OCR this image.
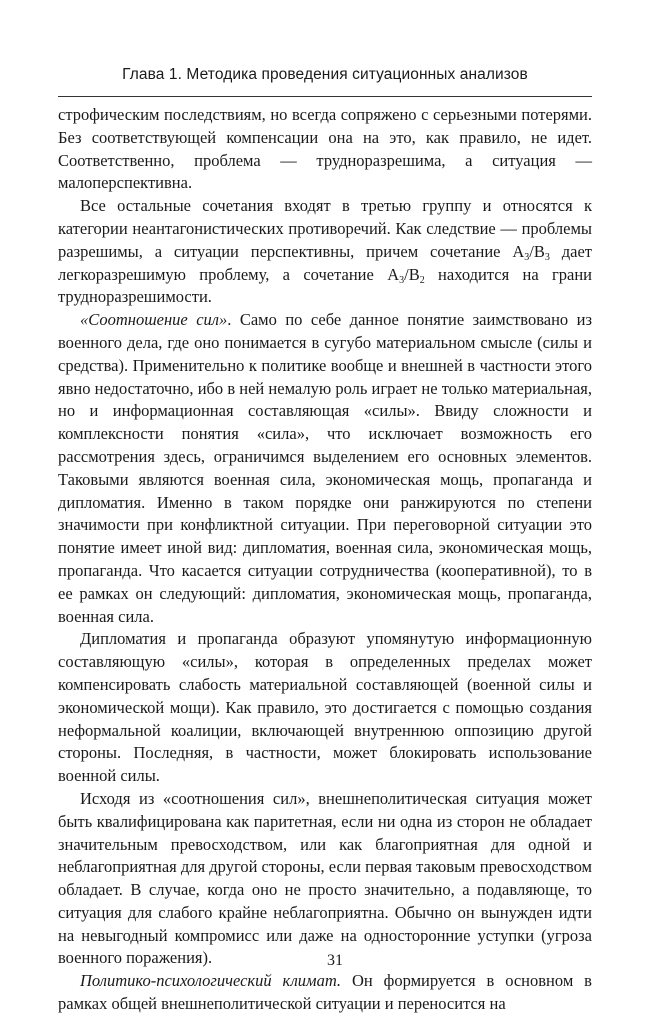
Глава 1. Методика проведения ситуационных анализов

строфическим последствиям, но всегда сопряжено с серьезными потерями. Без соответствующей компенсации она на это, как правило, не идет. Соответственно, проблема — трудноразрешима, а ситуация — малоперспективна.

Все остальные сочетания входят в третью группу и относятся к категории неантагонистических противоречий. Как следствие — проблемы разрешимы, а ситуации перспективны, причем сочетание $A_3/B_3$ дает легкоразрешимую проблему, а сочетание $A_3/B_2$ находится на грани трудноразрешимости.

«Соотношение сил». Само по себе данное понятие заимствовано из военного дела, где оно понимается в сугубо материальном смысле (силы и средства). Применительно к политике вообще и внешней в частности этого явно недостаточно, ибо в ней немалую роль играет не только материальная, но и информационная составляющая «силы». Ввиду сложности и комплексности понятия «сила», что исключает возможность его рассмотрения здесь, ограничимся выделением его основных элементов. Таковыми являются военная сила, экономическая мощь, пропаганда и дипломатия. Именно в таком порядке они ранжируются по степени значимости при конфликтной ситуации. При переговорной ситуации это понятие имеет иной вид: дипломатия, военная сила, экономическая мощь, пропаганда. Что касается ситуации сотрудничества (кооперативной), то в ее рамках он следующий: дипломатия, экономическая мощь, пропаганда, военная сила.

Дипломатия и пропаганда образуют упомянутую информационную составляющую «силы», которая в определенных пределах может компенсировать слабость материальной составляющей (военной силы и экономической мощи). Как правило, это достигается с помощью создания неформальной коалиции, включающей внутреннюю оппозицию другой стороны. Последняя, в частности, может блокировать использование военной силы.

Исходя из «соотношения сил», внешнеполитическая ситуация может быть квалифицирована как паритетная, если ни одна из сторон не обладает значительным превосходством, или как благоприятная для одной и неблагоприятная для другой стороны, если первая таковым превосходством обладает. В случае, когда оно не просто значительно, а подавляюще, то ситуация для слабого крайне неблагоприятна. Обычно он вынужден идти на невыгодный компромисс или даже на односторонние уступки (угроза военного поражения).

Политико-психологический климат. Он формируется в основном в рамках общей внешнеполитической ситуации и переносится на

31
